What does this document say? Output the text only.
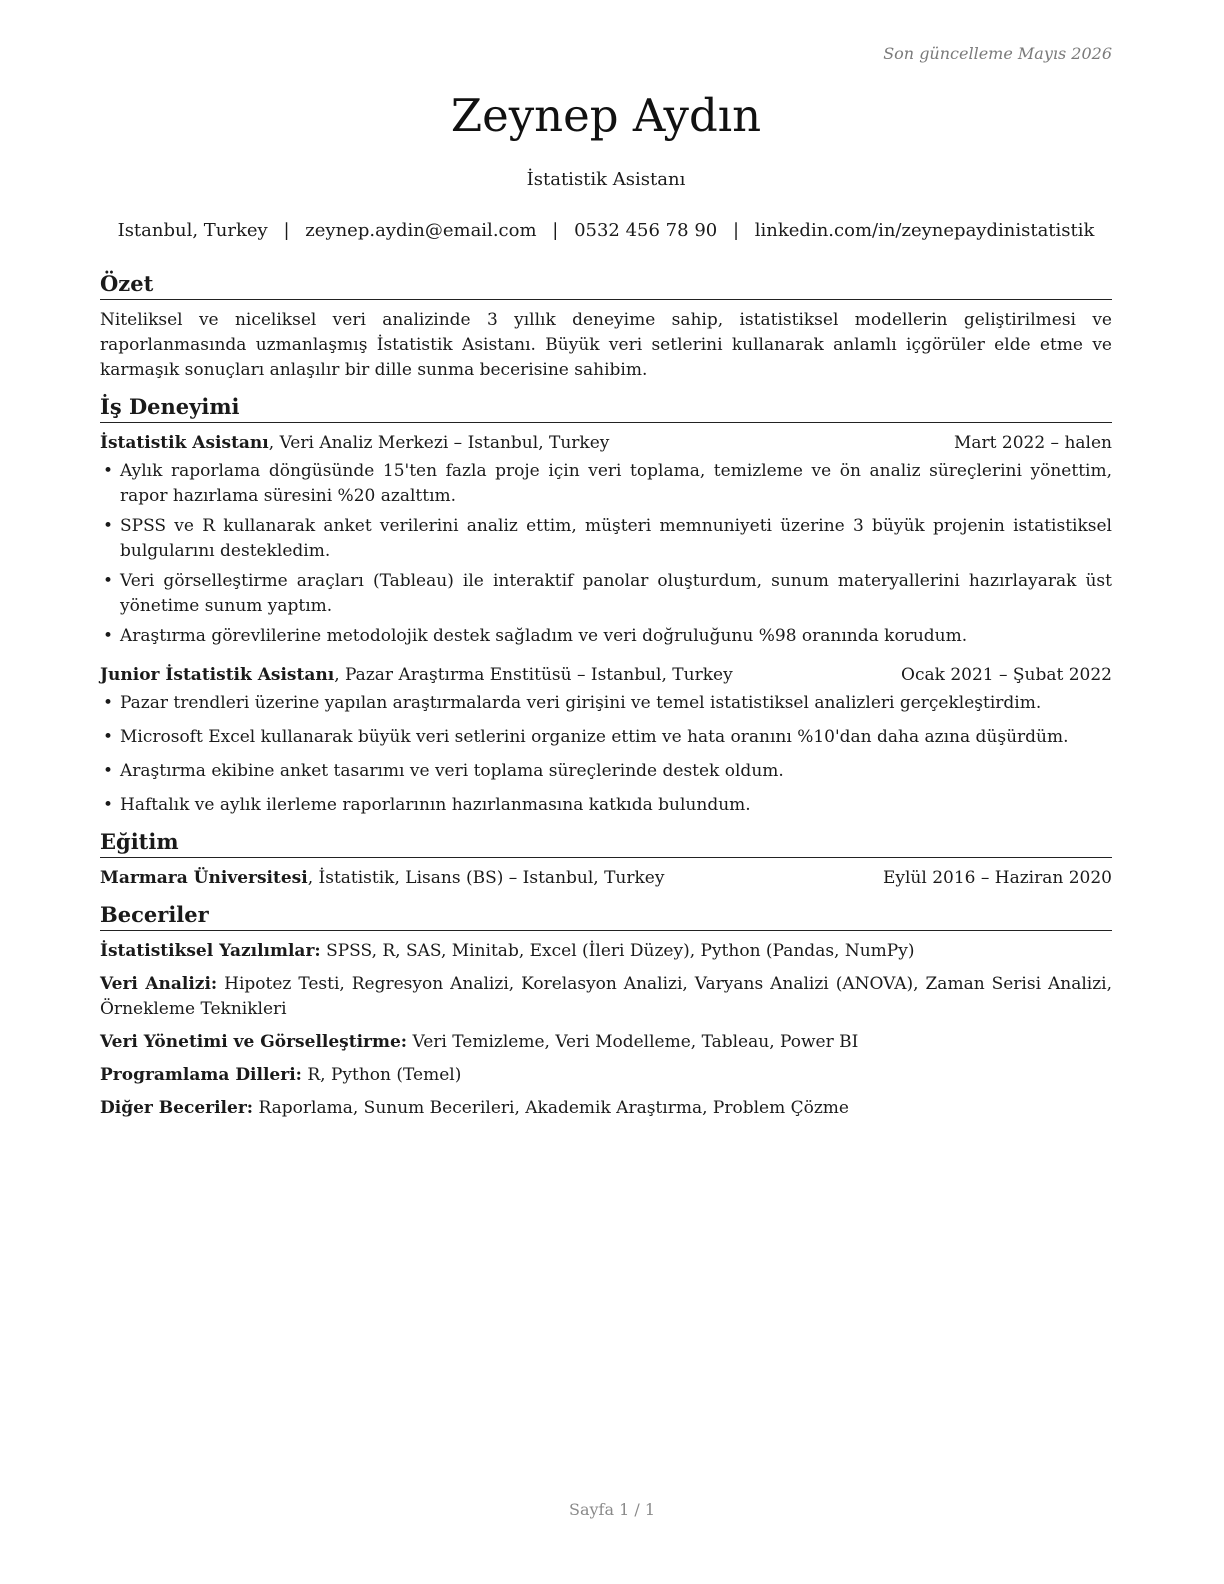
Son güncelleme Mayıs 2026
Zeynep Aydın
İstatistik Asistanı
Istanbul, Turkey | zeynep.aydin@email.com | 0532 456 78 90 | linkedin.com/in/zeynepaydinistatistik
Özet

Niteliksel ve niceliksel veri analizinde 3 yıllık deneyime sahip, istatistiksel modellerin geliştirilmesi ve raporlanmasında uzmanlaşmış İstatistik Asistanı. Büyük veri setlerini kullanarak anlamlı içgörüler elde etme ve karmaşık sonuçları anlaşılır bir dille sunma becerisine sahibim.

İş Deneyimi
İstatistik Asistanı, Veri Analiz Merkezi – Istanbul, Turkey	Mart 2022 – halen
• Aylık raporlama döngüsünde 15'ten fazla proje için veri toplama, temizleme ve ön analiz süreçlerini yönettim, rapor hazırlama süresini %20 azalttım.
• SPSS ve R kullanarak anket verilerini analiz ettim, müşteri memnuniyeti üzerine 3 büyük projenin istatistiksel bulgularını destekledim.
• Veri görselleştirme araçları (Tableau) ile interaktif panolar oluşturdum, sunum materyallerini hazırlayarak üst yönetime sunum yaptım.
• Araştırma görevlilerine metodolojik destek sağladım ve veri doğruluğunu %98 oranında korudum.
Junior İstatistik Asistanı, Pazar Araştırma Enstitüsü – Istanbul, Turkey	Ocak 2021 – Şubat 2022
• Pazar trendleri üzerine yapılan araştırmalarda veri girişini ve temel istatistiksel analizleri gerçekleştirdim.
• Microsoft Excel kullanarak büyük veri setlerini organize ettim ve hata oranını %10'dan daha azına düşürdüm.
• Araştırma ekibine anket tasarımı ve veri toplama süreçlerinde destek oldum.
• Haftalık ve aylık ilerleme raporlarının hazırlanmasına katkıda bulundum.
Eğitim
Marmara Üniversitesi, İstatistik, Lisans (BS) – Istanbul, Turkey	Eylül 2016 – Haziran 2020
Beceriler
İstatistiksel Yazılımlar: SPSS, R, SAS, Minitab, Excel (İleri Düzey), Python (Pandas, NumPy)
Veri Analizi: Hipotez Testi, Regresyon Analizi, Korelasyon Analizi, Varyans Analizi (ANOVA), Zaman Serisi Analizi, Örnekleme Teknikleri
Veri Yönetimi ve Görselleştirme: Veri Temizleme, Veri Modelleme, Tableau, Power BI
Programlama Dilleri: R, Python (Temel)
Diğer Beceriler: Raporlama, Sunum Becerileri, Akademik Araştırma, Problem Çözme
Sayfa 1 / 1
